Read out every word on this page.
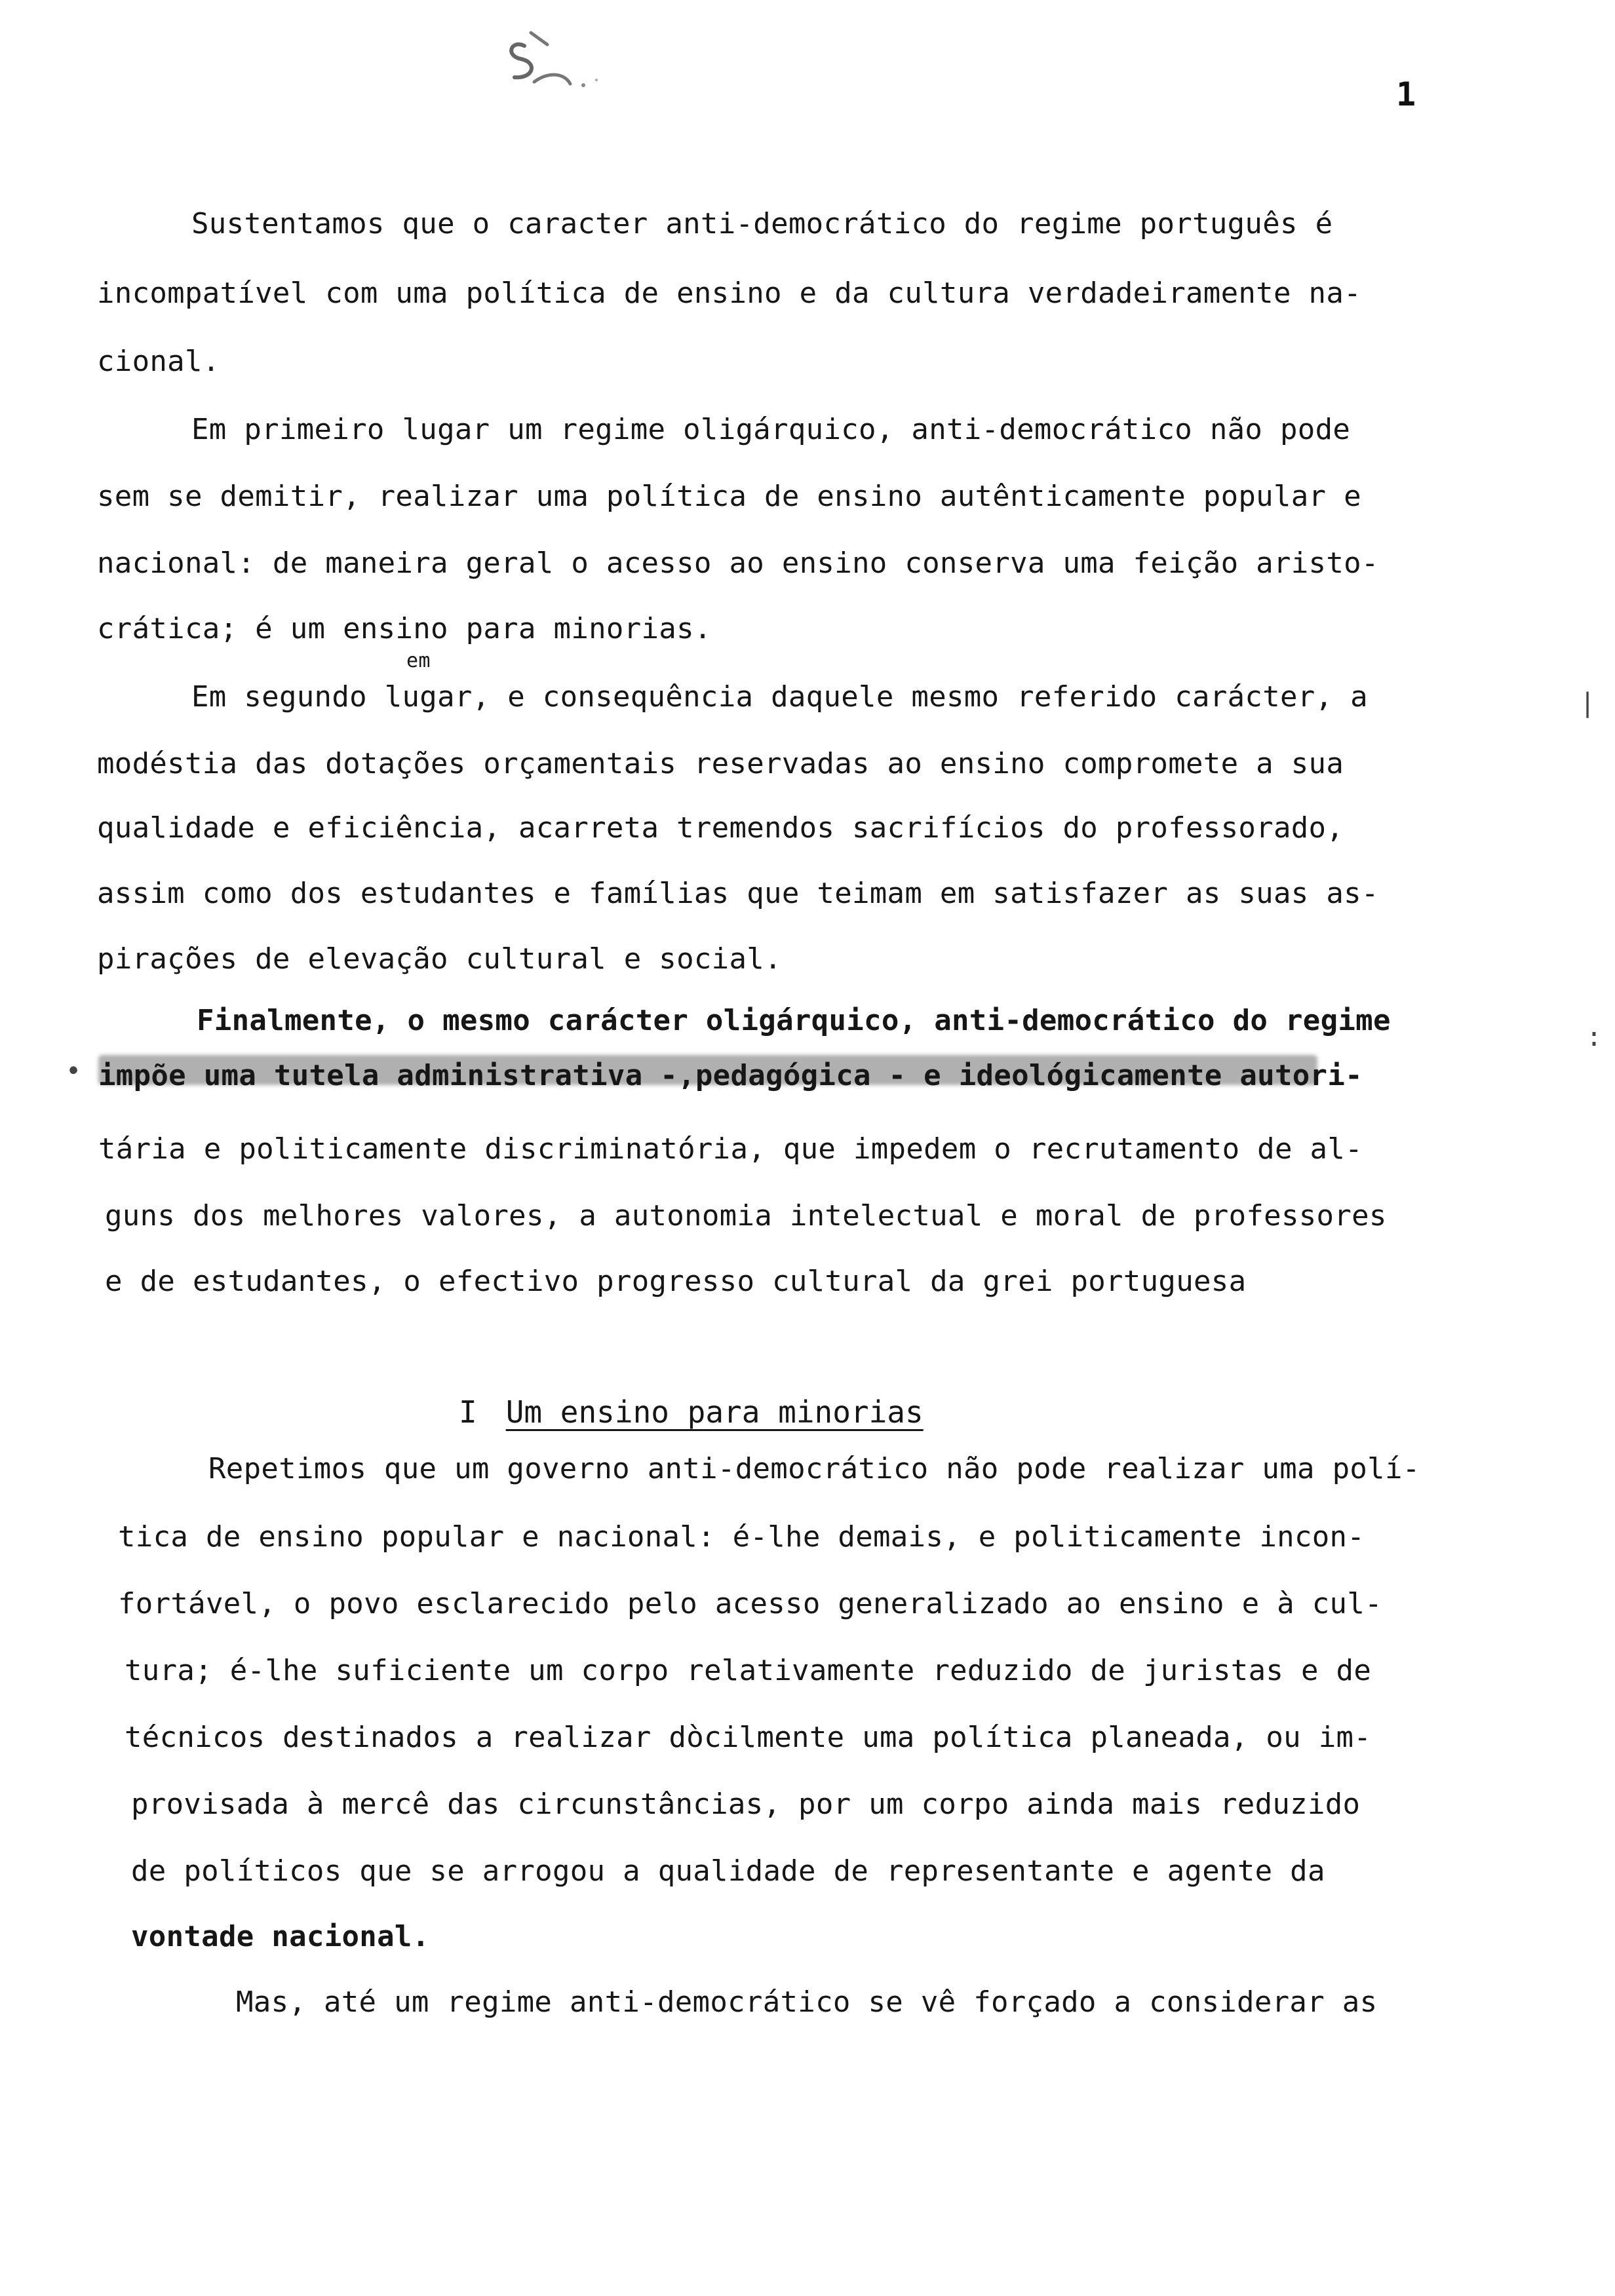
1
Sustentamos que o caracter anti-democrático do regime português é
incompatível com uma política de ensino e da cultura verdadeiramente na-
cional.
Em primeiro lugar um regime oligárquico, anti-democrático não pode
sem se demitir, realizar uma política de ensino autênticamente popular e
nacional: de maneira geral o acesso ao ensino conserva uma feição aristo-
crática; é um ensino para minorias.
em
Em segundo lugar, e consequência daquele mesmo referido carácter, a
modéstia das dotações orçamentais reservadas ao ensino compromete a sua
qualidade e eficiência, acarreta tremendos sacrifícios do professorado,
assim como dos estudantes e famílias que teimam em satisfazer as suas as-
pirações de elevação cultural e social.
Finalmente, o mesmo carácter oligárquico, anti-democrático do regime
impõe uma tutela administrativa -,pedagógica - e ideológicamente autori-
tária e politicamente discriminatória, que impedem o recrutamento de al-
guns dos melhores valores, a autonomia intelectual e moral de professores
e de estudantes, o efectivo progresso cultural da grei portuguesa
•
|
:
I Um ensino para minorias
Repetimos que um governo anti-democrático não pode realizar uma polí-
tica de ensino popular e nacional: é-lhe demais, e politicamente incon-
fortável, o povo esclarecido pelo acesso generalizado ao ensino e à cul-
tura; é-lhe suficiente um corpo relativamente reduzido de juristas e de
técnicos destinados a realizar dòcilmente uma política planeada, ou im-
provisada à mercê das circunstâncias, por um corpo ainda mais reduzido
de políticos que se arrogou a qualidade de representante e agente da
vontade nacional.
Mas, até um regime anti-democrático se vê forçado a considerar as
